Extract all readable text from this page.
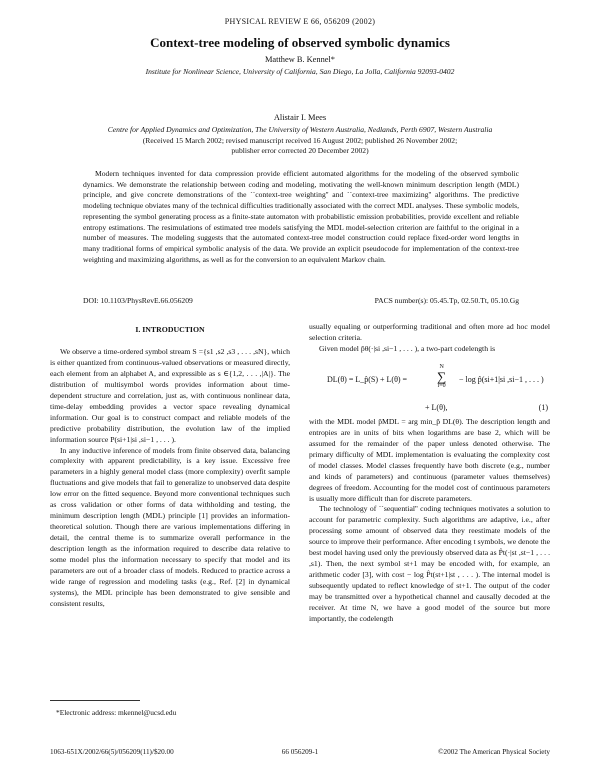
PHYSICAL REVIEW E 66, 056209 (2002)
Context-tree modeling of observed symbolic dynamics
Matthew B. Kennel*
Institute for Nonlinear Science, University of California, San Diego, La Jolla, California 92093-0402
Alistair I. Mees
Centre for Applied Dynamics and Optimization, The University of Western Australia, Nedlands, Perth 6907, Western Australia
(Received 15 March 2002; revised manuscript received 16 August 2002; published 26 November 2002;
publisher error corrected 20 December 2002)

Modern techniques invented for data compression provide efficient automated algorithms for the modeling of the observed symbolic dynamics. We demonstrate the relationship between coding and modeling, motivating the well-known minimum description length (MDL) principle, and give concrete demonstrations of the ``context-tree weighting'' and ``context-tree maximizing'' algorithms. The predictive modeling technique obviates many of the technical difficulties traditionally associated with the correct MDL analyses. These symbolic models, representing the symbol generating process as a finite-state automaton with probabilistic emission probabilities, provide excellent and reliable entropy estimations. The resimulations of estimated tree models satisfying the MDL model-selection criterion are faithful to the original in a number of measures. The modeling suggests that the automated context-tree model construction could replace fixed-order word lengths in many traditional forms of empirical symbolic analysis of the data. We provide an explicit pseudocode for implementation of the context-tree weighting and maximizing algorithms, as well as for the conversion to an equivalent Markov chain.

DOI: 10.1103/PhysRevE.66.056209	PACS number(s): 05.45.Tp, 02.50.Tt, 05.10.Gg
I. INTRODUCTION

We observe a time-ordered symbol stream S ={s1 ,s2 ,s3 , . . . ,sN}, which is either quantized from continuous-valued observations or measured directly, each element from an alphabet A, and expressible as s ∈{1,2, . . . ,|A|}. The distribution of multisymbol words provides information about time-dependent structure and correlation, just as, with continuous nonlinear data, time-delay embedding provides a vector space revealing dynamical information. Our goal is to construct compact and reliable models of the predictive probability distribution, the evolution law of the implied information source P(si+1|si ,si−1 , . . . ).

In any inductive inference of models from finite observed data, balancing complexity with apparent predictability, is a key issue. Excessive free parameters in a highly general model class (more complexity) overfit sample fluctuations and give models that fail to generalize to unobserved data despite low error on the fitted sequence. Beyond more conventional techniques such as cross validation or other forms of data withholding and testing, the minimum description length (MDL) principle [1] provides an information-theoretical solution. Though there are various implementations differing in detail, the central theme is to summarize overall performance in the description length as the information required to describe data relative to some model plus the information necessary to specify that model and its parameters are out of a broader class of models. Reduced to practice across a wide range of regression and modeling tasks (e.g., Ref. [2] in dynamical systems), the MDL principle has been demonstrated to give sensible and consistent results,

usually equaling or outperforming traditional and often more ad hoc model selection criteria.

Given model p̂θ(·|si ,si−1 , . . . ), a two-part codelength is

DL(θ) = L_p̂(S) + L(θ) =
N
∑
i=0
− log p̂(si+1|si ,si−1 , . . . )
+ L(θ),	(1)

with the MDL model p̂MDL = arg min_p̂ DL(θ). The description length and entropies are in units of bits when logarithms are base 2, which will be assumed for the remainder of the paper unless denoted otherwise. The primary difficulty of MDL implementation is evaluating the complexity cost of model classes. Model classes frequently have both discrete (e.g., number and kinds of parameters) and continuous (parameter values themselves) degrees of freedom. Accounting for the model cost of continuous parameters is usually more difficult than for discrete parameters.

The technology of ``sequential'' coding techniques motivates a solution to account for parametric complexity. Such algorithms are adaptive, i.e., after processing some amount of observed data they reestimate models of the source to improve their performance. After encoding t symbols, we denote the best model having used only the previously observed data as P̂t(·|st ,st−1 , . . . ,s1). Then, the next symbol st+1 may be encoded with, for example, an arithmetic coder [3], with cost − log P̂t(st+1|st , . . . ). The internal model is subsequently updated to reflect knowledge of st+1. The output of the coder may be transmitted over a hypothetical channel and causally decoded at the receiver. At time N, we have a good model of the source but more importantly, the codelength

*Electronic address: mkennel@ucsd.edu
1063-651X/2002/66(5)/056209(11)/$20.00	66 056209-1	©2002 The American Physical Society
